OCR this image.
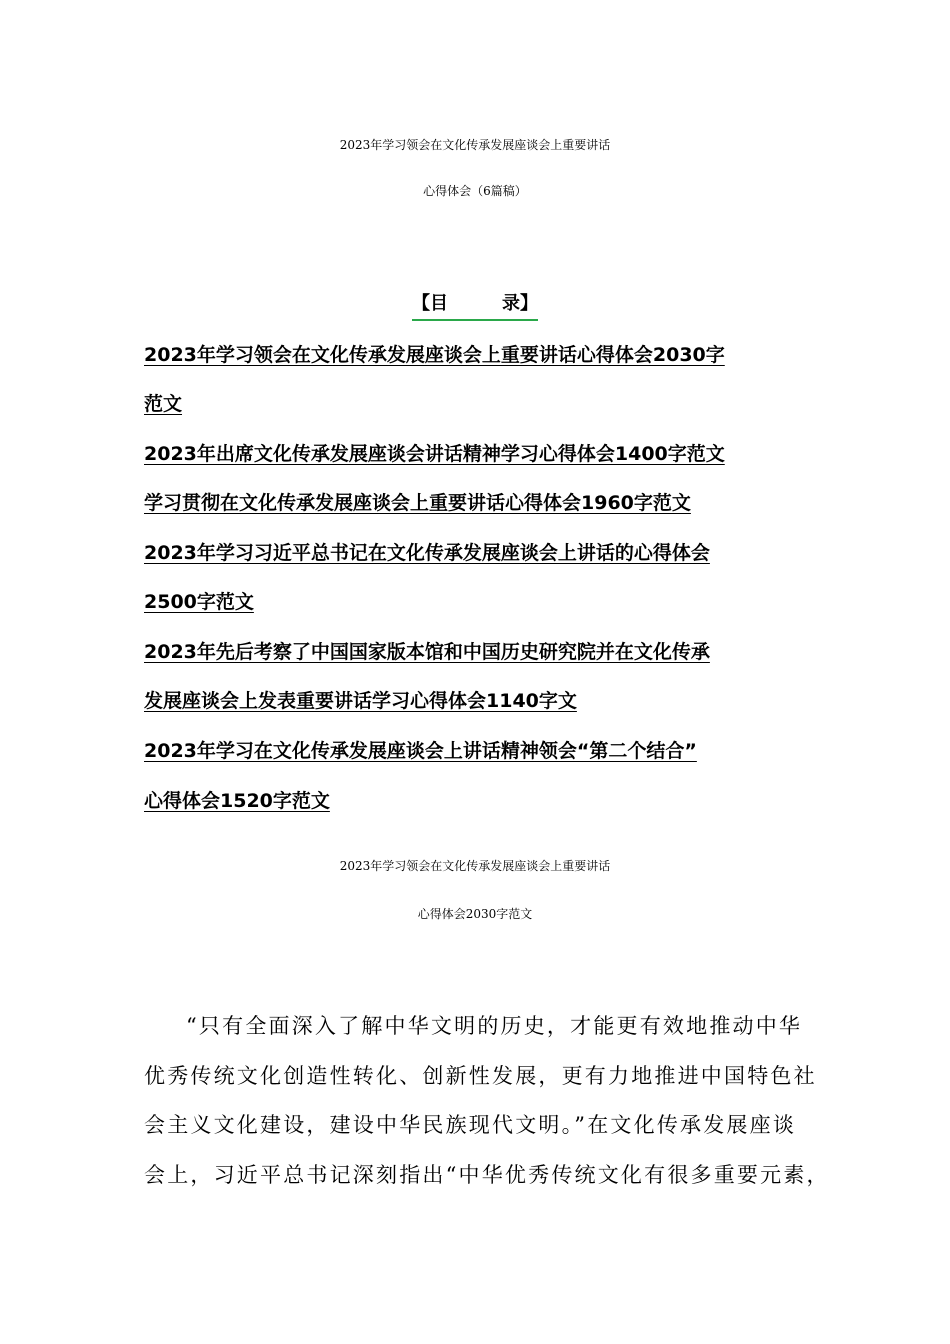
2023年学习领会在文化传承发展座谈会上重要讲话
心得体会（6篇稿）
【目　　　录】
2023年学习领会在文化传承发展座谈会上重要讲话心得体会2030字
范文
2023年出席文化传承发展座谈会讲话精神学习心得体会1400字范文
学习贯彻在文化传承发展座谈会上重要讲话心得体会1960字范文
2023年学习习近平总书记在文化传承发展座谈会上讲话的心得体会
2500字范文
2023年先后考察了中国国家版本馆和中国历史研究院并在文化传承
发展座谈会上发表重要讲话学习心得体会1140字文
2023年学习在文化传承发展座谈会上讲话精神领会“第二个结合”
心得体会1520字范文
2023年学习领会在文化传承发展座谈会上重要讲话
心得体会2030字范文
“只有全面深入了解中华文明的历史，才能更有效地推动中华
优秀传统文化创造性转化、创新性发展，更有力地推进中国特色社
会主义文化建设，建设中华民族现代文明。”在文化传承发展座谈
会上，习近平总书记深刻指出“中华优秀传统文化有很多重要元素，
